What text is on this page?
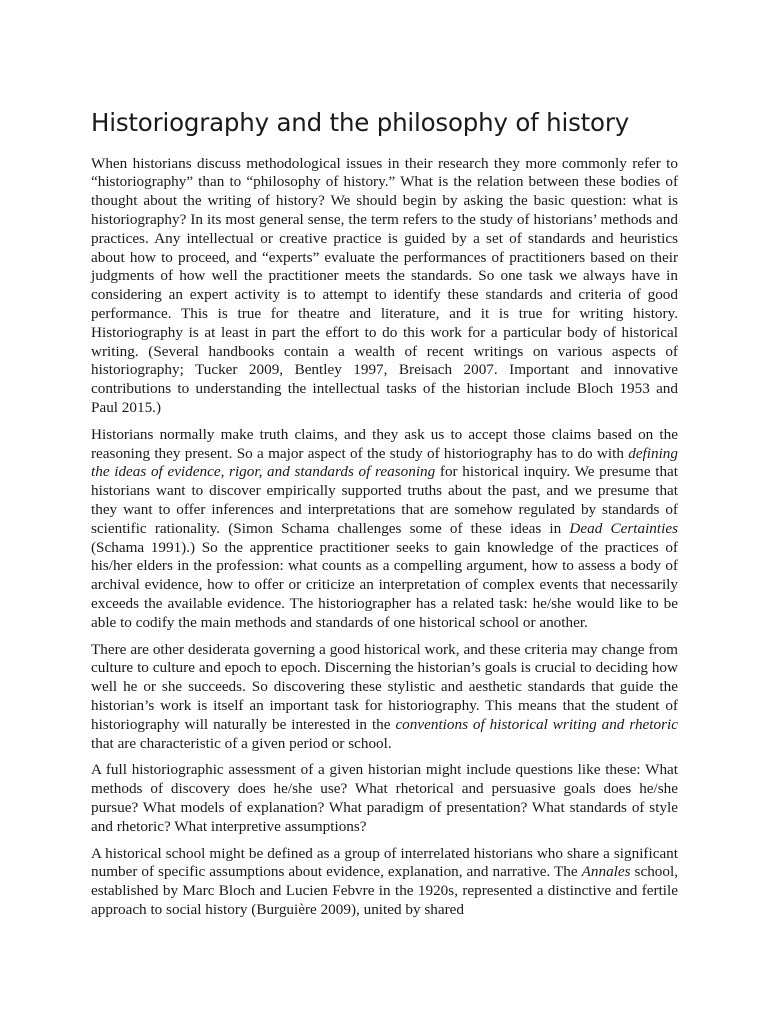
Historiography and the philosophy of history

When historians discuss methodological issues in their research they more commonly refer to “historiography” than to “philosophy of history.” What is the relation between these bodies of thought about the writing of history? We should begin by asking the basic question: what is historiography? In its most general sense, the term refers to the study of historians’ methods and practices. Any intellectual or creative practice is guided by a set of standards and heuristics about how to proceed, and “experts” evaluate the performances of practitioners based on their judgments of how well the practitioner meets the standards. So one task we always have in considering an expert activity is to attempt to identify these standards and criteria of good performance. This is true for theatre and literature, and it is true for writing history. Historiography is at least in part the effort to do this work for a particular body of historical writing. (Several handbooks contain a wealth of recent writings on various aspects of historiography; Tucker 2009, Bentley 1997, Breisach 2007. Important and innovative contributions to understanding the intellectual tasks of the historian include Bloch 1953 and Paul 2015.)

Historians normally make truth claims, and they ask us to accept those claims based on the reasoning they present. So a major aspect of the study of historiography has to do with defining the ideas of evidence, rigor, and standards of reasoning for historical inquiry. We presume that historians want to discover empirically supported truths about the past, and we presume that they want to offer inferences and interpretations that are somehow regulated by standards of scientific rationality. (Simon Schama challenges some of these ideas in Dead Certainties (Schama 1991).) So the apprentice practitioner seeks to gain knowledge of the practices of his/her elders in the profession: what counts as a compelling argument, how to assess a body of archival evidence, how to offer or criticize an interpretation of complex events that necessarily exceeds the available evidence. The historiographer has a related task: he/she would like to be able to codify the main methods and standards of one historical school or another.

There are other desiderata governing a good historical work, and these criteria may change from culture to culture and epoch to epoch. Discerning the historian’s goals is crucial to deciding how well he or she succeeds. So discovering these stylistic and aesthetic standards that guide the historian’s work is itself an important task for historiography. This means that the student of historiography will naturally be interested in the conventions of historical writing and rhetoric that are characteristic of a given period or school.

A full historiographic assessment of a given historian might include questions like these: What methods of discovery does he/she use? What rhetorical and persuasive goals does he/she pursue? What models of explanation? What paradigm of presentation? What standards of style and rhetoric? What interpretive assumptions?

A historical school might be defined as a group of interrelated historians who share a significant number of specific assumptions about evidence, explanation, and narrative. The Annales school, established by Marc Bloch and Lucien Febvre in the 1920s, represented a distinctive and fertile approach to social history (Burguière 2009), united by shared
